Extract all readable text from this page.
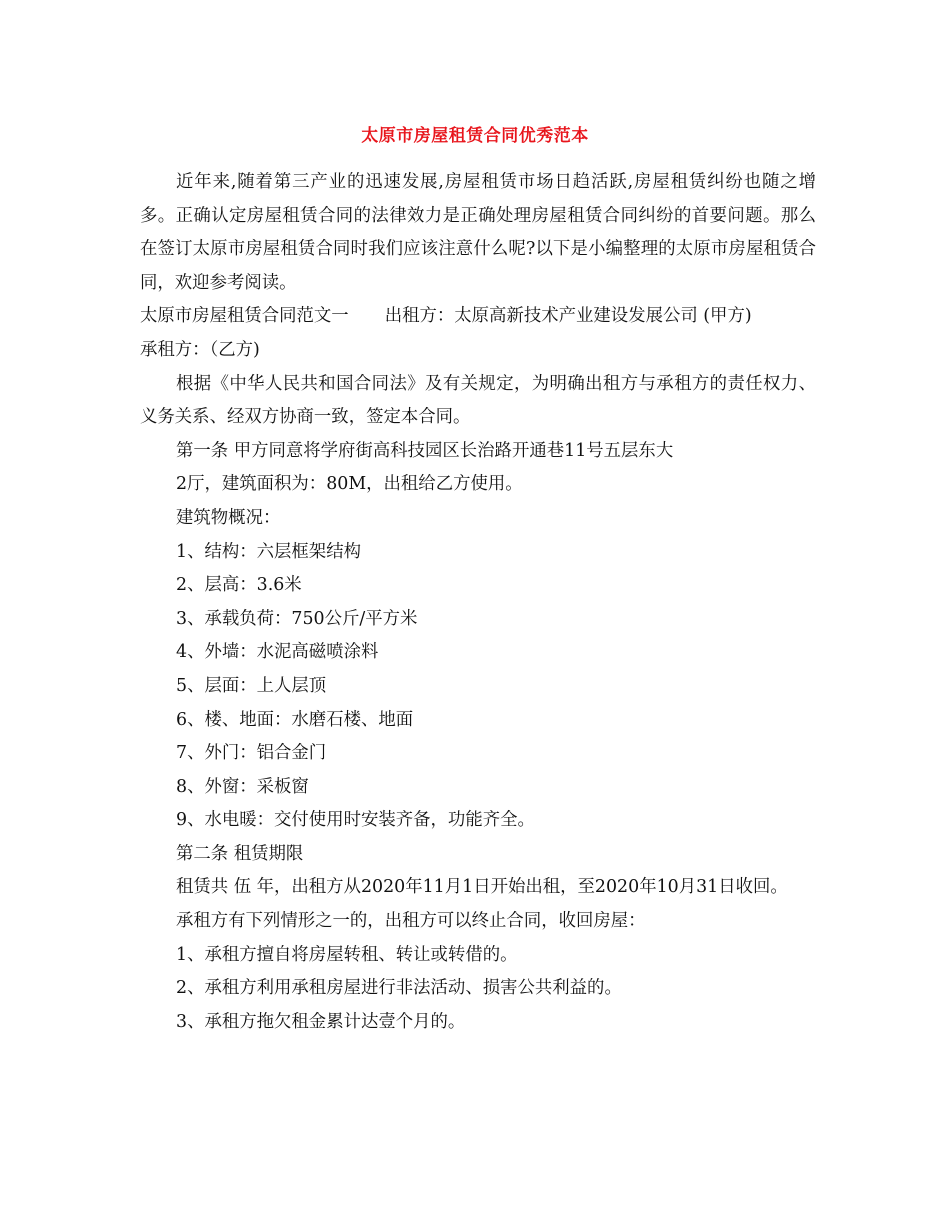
太原市房屋租赁合同优秀范本

近年来,随着第三产业的迅速发展,房屋租赁市场日趋活跃,房屋租赁纠纷也随之增多。正确认定房屋租赁合同的法律效力是正确处理房屋租赁合同纠纷的首要问题。那么在签订太原市房屋租赁合同时我们应该注意什么呢?以下是小编整理的太原市房屋租赁合同，欢迎参考阅读。

太原市房屋租赁合同范文一 出租方：太原高新技术产业建设发展公司 (甲方)

承租方：（乙方)

根据《中华人民共和国合同法》及有关规定，为明确出租方与承租方的责任权力、义务关系、经双方协商一致，签定本合同。

第一条 甲方同意将学府街高科技园区长治路开通巷11号五层东大

2厅，建筑面积为：80M，出租给乙方使用。

建筑物概况：

1、结构：六层框架结构

2、层高：3.6米

3、承载负荷：750公斤/平方米

4、外墙：水泥高磁喷涂料

5、层面：上人层顶

6、楼、地面：水磨石楼、地面

7、外门：铝合金门

8、外窗：采板窗

9、水电暖：交付使用时安装齐备，功能齐全。

第二条 租赁期限

租赁共 伍 年，出租方从2020年11月1日开始出租，至2020年10月31日收回。

承租方有下列情形之一的，出租方可以终止合同，收回房屋：

1、承租方擅自将房屋转租、转让或转借的。

2、承租方利用承租房屋进行非法活动、损害公共利益的。

3、承租方拖欠租金累计达壹个月的。
